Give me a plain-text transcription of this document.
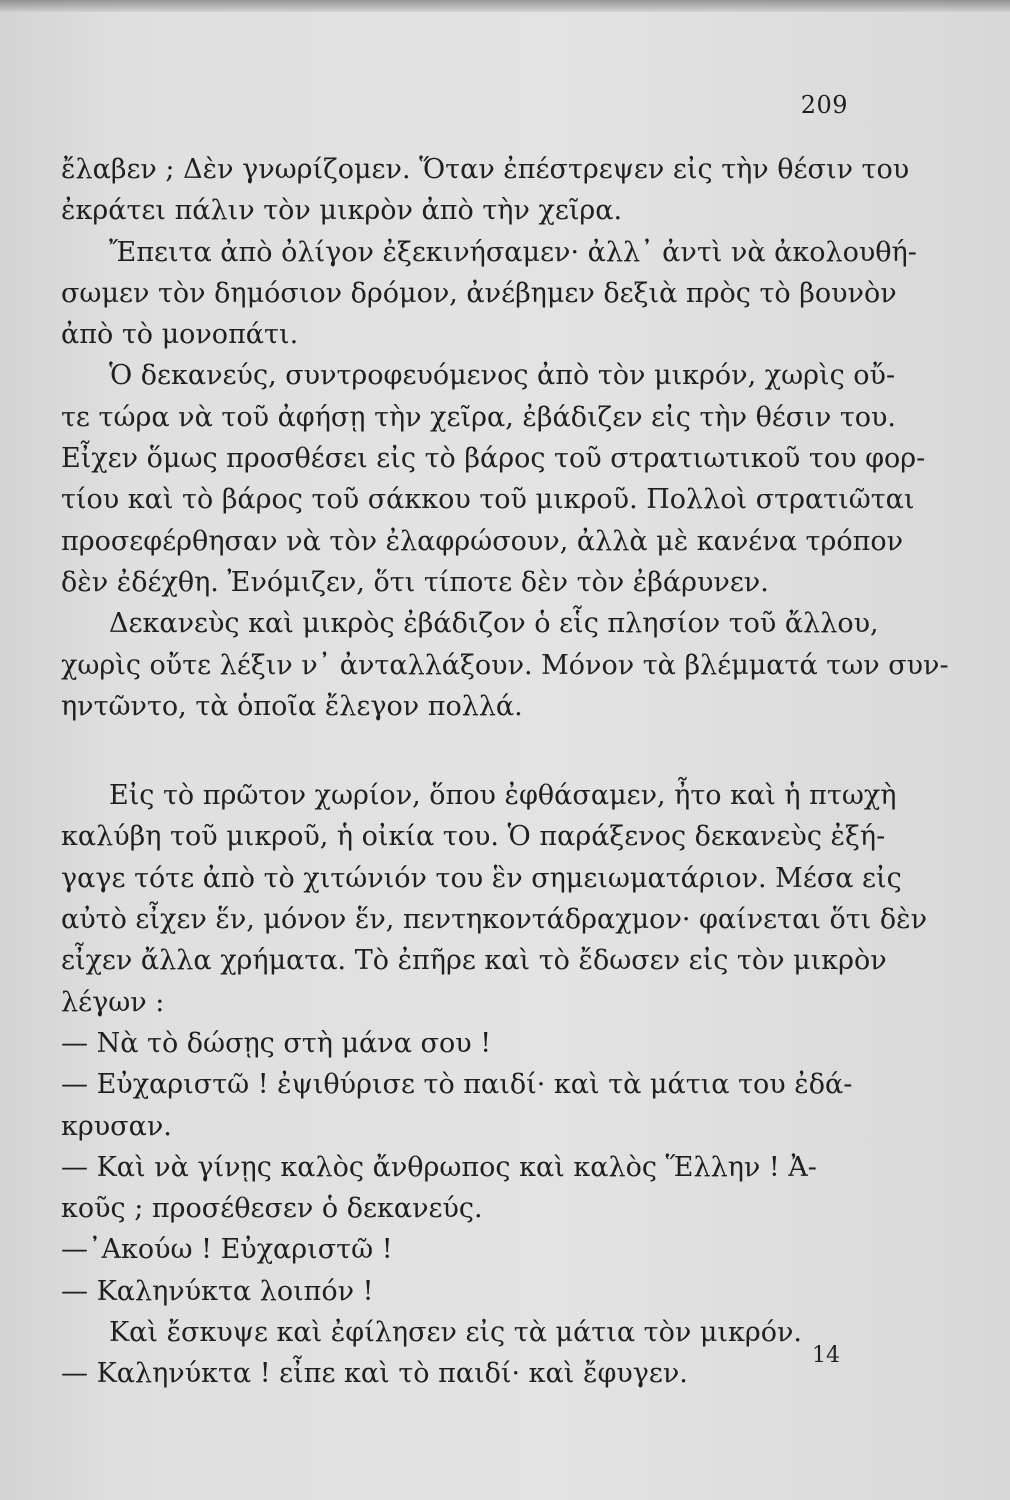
209
ἔλαβεν ; Δὲν γνωρίζομεν. Ὅταν ἐπέστρεψεν εἰς τὴν θέσιν του
ἐκράτει πάλιν τὸν μικρὸν ἀπὸ τὴν χεῖρα.
Ἔπειτα ἀπὸ ὀλίγον ἐξεκινήσαμεν· ἀλλ᾿ ἀντὶ νὰ ἀκολουθή-
σωμεν τὸν δημόσιον δρόμον, ἀνέβημεν δεξιὰ πρὸς τὸ βουνὸν
ἀπὸ τὸ μονοπάτι.
Ὁ δεκανεύς, συντροφευόμενος ἀπὸ τὸν μικρόν, χωρὶς οὔ-
τε τώρα νὰ τοῦ ἀφήσῃ τὴν χεῖρα, ἐβάδιζεν εἰς τὴν θέσιν του.
Εἶχεν ὅμως προσθέσει εἰς τὸ βάρος τοῦ στρατιωτικοῦ του φορ-
τίου καὶ τὸ βάρος τοῦ σάκκου τοῦ μικροῦ. Πολλοὶ στρατιῶται
προσεφέρθησαν νὰ τὸν ἐλαφρώσουν, ἀλλὰ μὲ κανένα τρόπον
δὲν ἐδέχθη. Ἐνόμιζεν, ὅτι τίποτε δὲν τὸν ἐβάρυνεν.
Δεκανεὺς καὶ μικρὸς ἐβάδιζον ὁ εἷς πλησίον τοῦ ἄλλου,
χωρὶς οὔτε λέξιν ν᾿ ἀνταλλάξουν. Μόνον τὰ βλέμματά των συν-
ηντῶντο, τὰ ὁποῖα ἔλεγον πολλά.
Εἰς τὸ πρῶτον χωρίον, ὅπου ἐφθάσαμεν, ἦτο καὶ ἡ πτωχὴ
καλύβη τοῦ μικροῦ, ἡ οἰκία του. Ὁ παράξενος δεκανεὺς ἐξή-
γαγε τότε ἀπὸ τὸ χιτώνιόν του ἓν σημειωματάριον. Μέσα εἰς
αὐτὸ εἶχεν ἕν, μόνον ἕν, πεντηκοντάδραχμον· φαίνεται ὅτι δὲν
εἶχεν ἄλλα χρήματα. Τὸ ἐπῆρε καὶ τὸ ἔδωσεν εἰς τὸν μικρὸν
λέγων :
— Νὰ τὸ δώσῃς στὴ μάνα σου !
— Εὐχαριστῶ ! ἐψιθύρισε τὸ παιδί· καὶ τὰ μάτια του ἐδά-
κρυσαν.
— Καὶ νὰ γίνῃς καλὸς ἄνθρωπος καὶ καλὸς Ἕλλην ! Ἀ-
κοῦς ; προσέθεσεν ὁ δεκανεύς.
—᾿Ακούω ! Εὐχαριστῶ !
— Καληνύκτα λοιπόν !
Καὶ ἔσκυψε καὶ ἐφίλησεν εἰς τὰ μάτια τὸν μικρόν.
— Καληνύκτα ! εἶπε καὶ τὸ παιδί· καὶ ἔφυγεν.
14
